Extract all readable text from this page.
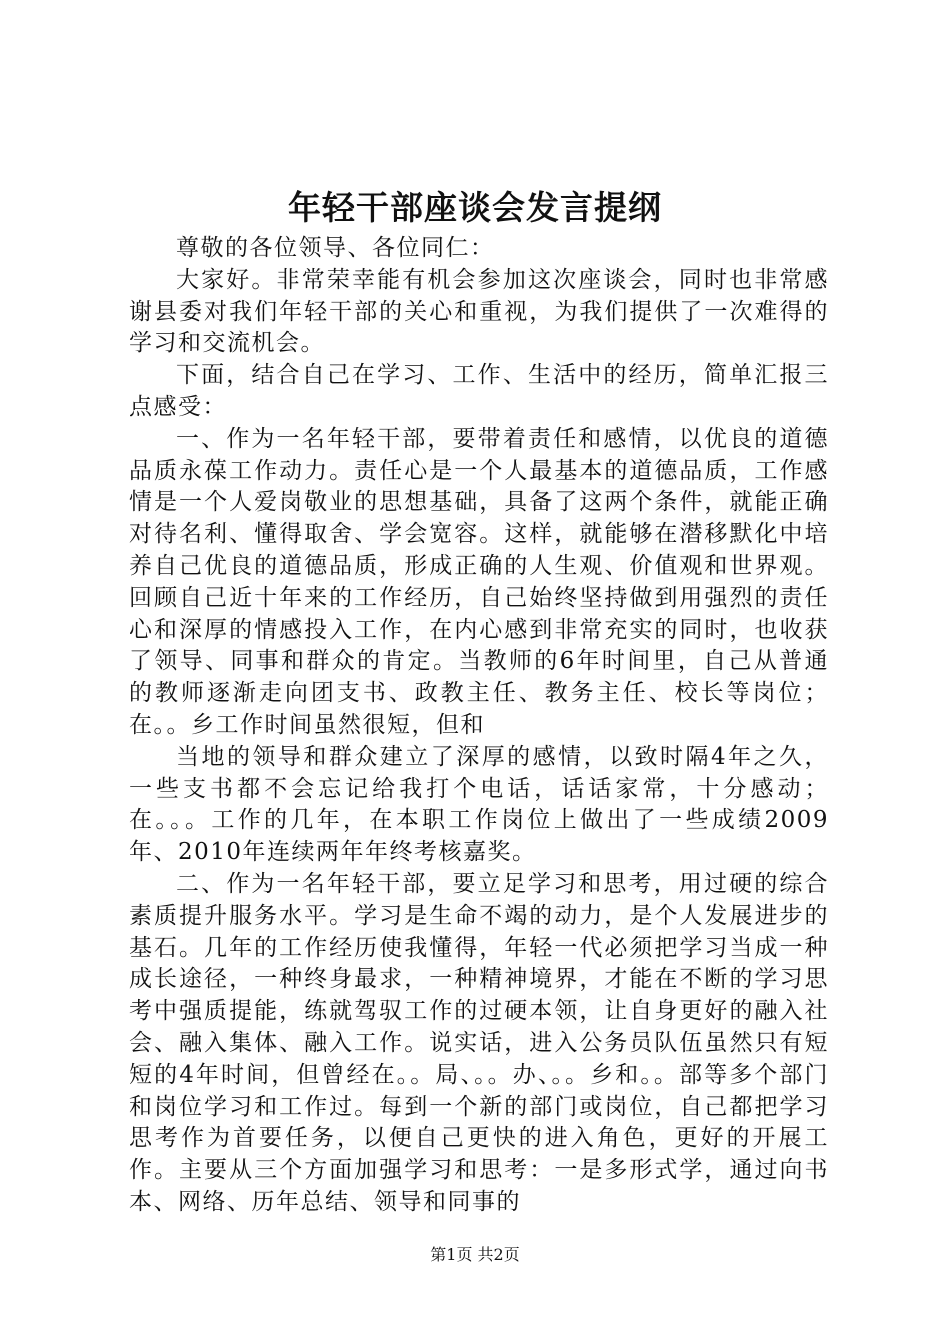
年轻干部座谈会发言提纲

尊敬的各位领导、各位同仁：

大家好。非常荣幸能有机会参加这次座谈会，同时也非常感谢县委对我们年轻干部的关心和重视，为我们提供了一次难得的学习和交流机会。

下面，结合自己在学习、工作、生活中的经历，简单汇报三点感受：

一、作为一名年轻干部，要带着责任和感情，以优良的道德品质永葆工作动力。责任心是一个人最基本的道德品质，工作感情是一个人爱岗敬业的思想基础，具备了这两个条件，就能正确对待名利、懂得取舍、学会宽容。这样，就能够在潜移默化中培养自己优良的道德品质，形成正确的人生观、价值观和世界观。回顾自己近十年来的工作经历，自己始终坚持做到用强烈的责任心和深厚的情感投入工作，在内心感到非常充实的同时，也收获了领导、同事和群众的肯定。当教师的6年时间里，自己从普通的教师逐渐走向团支书、政教主任、教务主任、校长等岗位；在。。乡工作时间虽然很短，但和

当地的领导和群众建立了深厚的感情，以致时隔4年之久，一些支书都不会忘记给我打个电话，话话家常，十分感动；在。。。工作的几年，在本职工作岗位上做出了一些成绩2009年、2010年连续两年年终考核嘉奖。

二、作为一名年轻干部，要立足学习和思考，用过硬的综合素质提升服务水平。学习是生命不竭的动力，是个人发展进步的基石。几年的工作经历使我懂得，年轻一代必须把学习当成一种成长途径，一种终身最求，一种精神境界，才能在不断的学习思考中强质提能，练就驾驭工作的过硬本领，让自身更好的融入社会、融入集体、融入工作。说实话，进入公务员队伍虽然只有短短的4年时间，但曾经在。。局、。。办、。。乡和。。部等多个部门和岗位学习和工作过。每到一个新的部门或岗位，自己都把学习思考作为首要任务，以便自己更快的进入角色，更好的开展工作。主要从三个方面加强学习和思考：一是多形式学，通过向书本、网络、历年总结、领导和同事的

第1页 共2页
